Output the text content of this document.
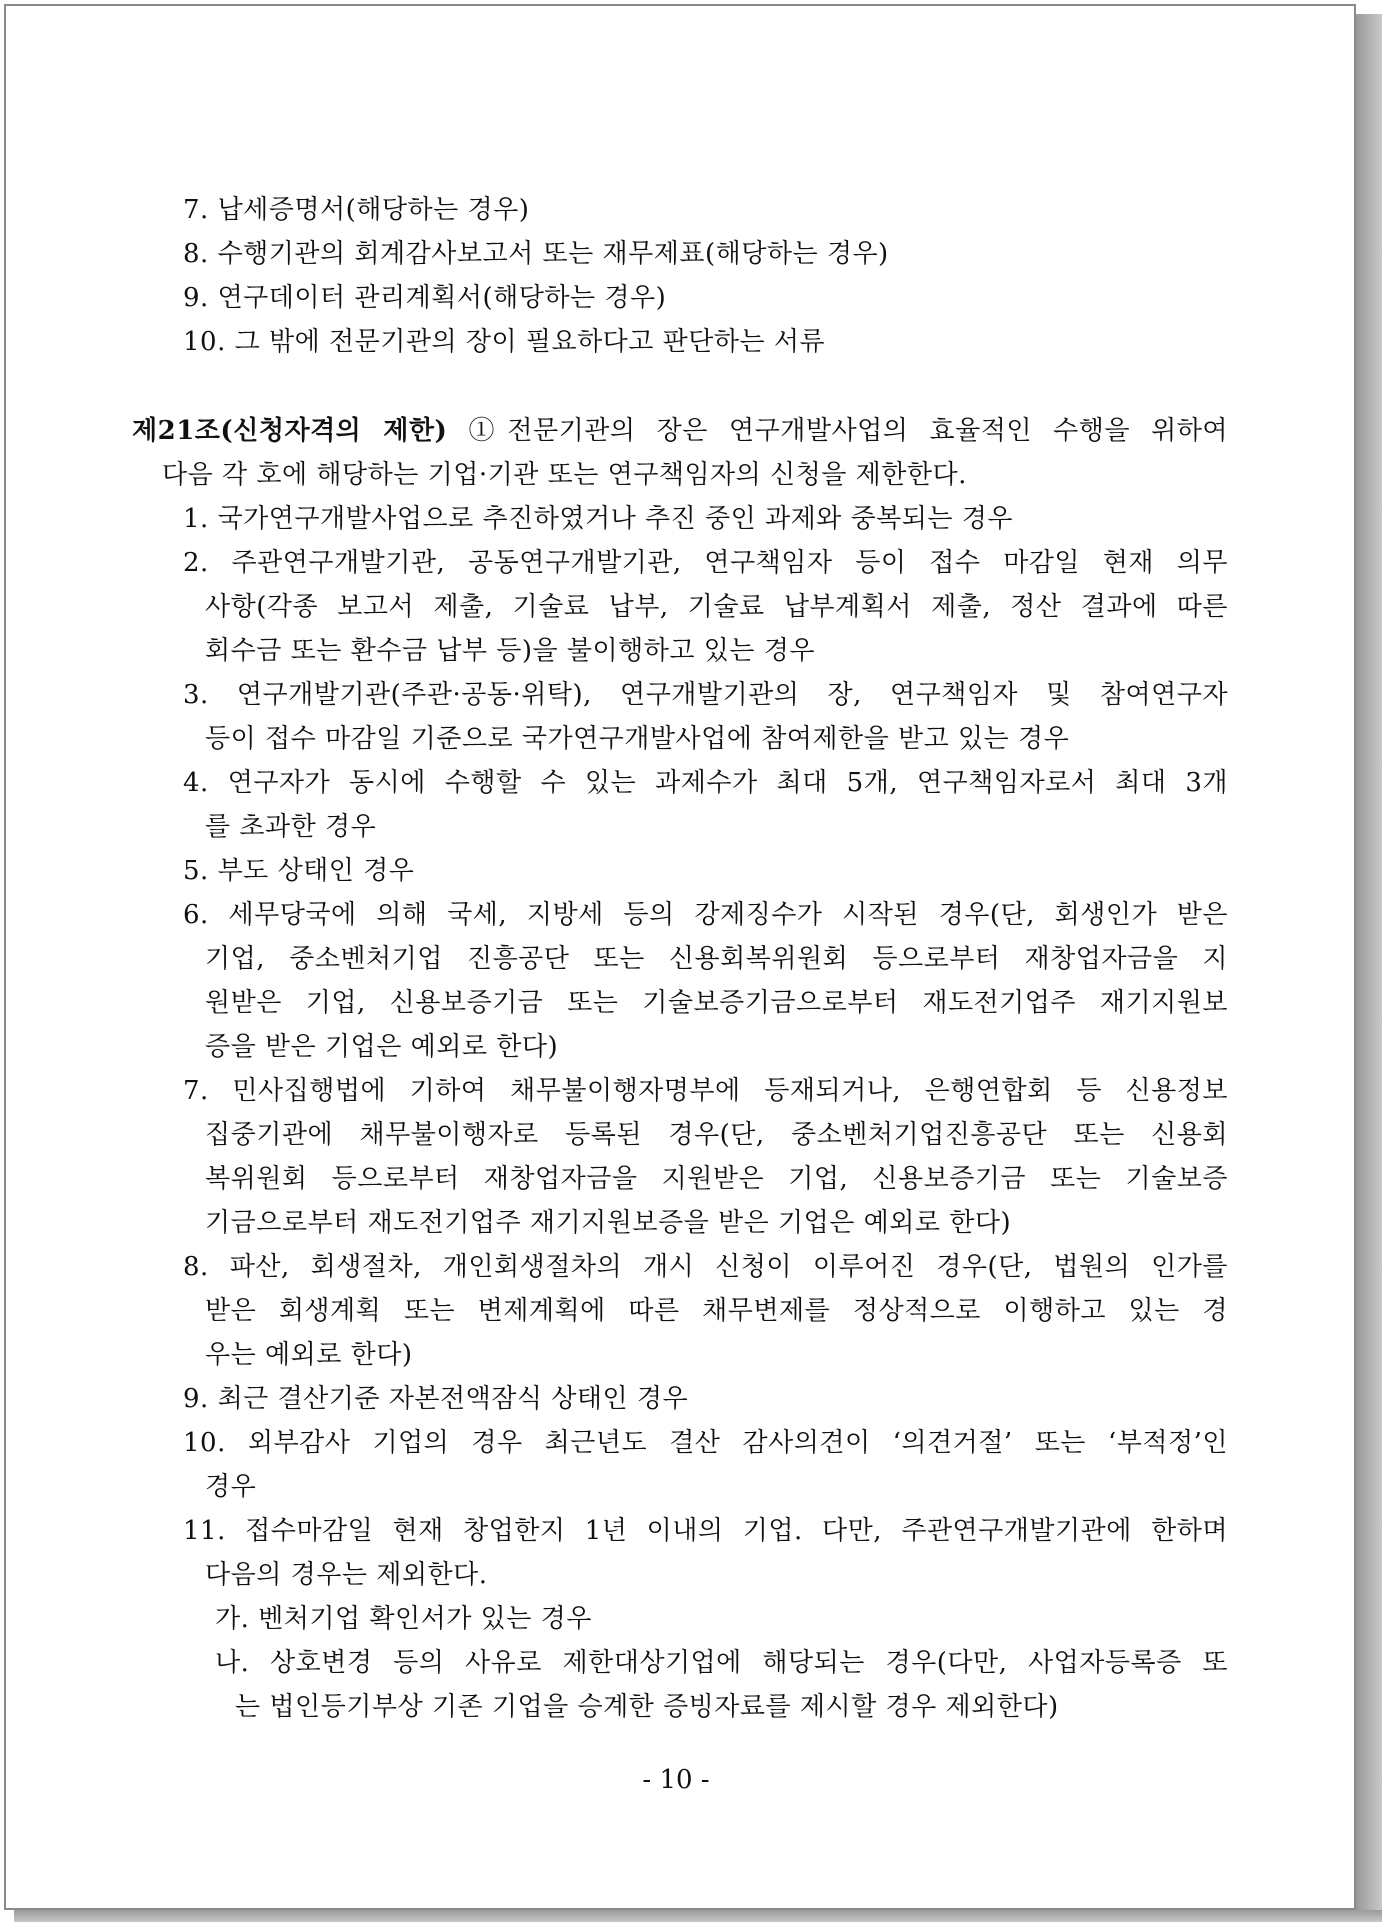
7. 납세증명서(해당하는 경우)
8. 수행기관의 회계감사보고서 또는 재무제표(해당하는 경우)
9. 연구데이터 관리계획서(해당하는 경우)
10. 그 밖에 전문기관의 장이 필요하다고 판단하는 서류
제21조(신청자격의 제한) ①전문기관의 장은 연구개발사업의 효율적인 수행을 위하여
다음 각 호에 해당하는 기업·기관 또는 연구책임자의 신청을 제한한다.
1. 국가연구개발사업으로 추진하였거나 추진 중인 과제와 중복되는 경우
2. 주관연구개발기관, 공동연구개발기관, 연구책임자 등이 접수 마감일 현재 의무
사항(각종 보고서 제출, 기술료 납부, 기술료 납부계획서 제출, 정산 결과에 따른
회수금 또는 환수금 납부 등)을 불이행하고 있는 경우
3. 연구개발기관(주관·공동·위탁), 연구개발기관의 장, 연구책임자 및 참여연구자
등이 접수 마감일 기준으로 국가연구개발사업에 참여제한을 받고 있는 경우
4. 연구자가 동시에 수행할 수 있는 과제수가 최대 5개, 연구책임자로서 최대 3개
를 초과한 경우
5. 부도 상태인 경우
6. 세무당국에 의해 국세, 지방세 등의 강제징수가 시작된 경우(단, 회생인가 받은
기업, 중소벤처기업 진흥공단 또는 신용회복위원회 등으로부터 재창업자금을 지
원받은 기업, 신용보증기금 또는 기술보증기금으로부터 재도전기업주 재기지원보
증을 받은 기업은 예외로 한다)
7. 민사집행법에 기하여 채무불이행자명부에 등재되거나, 은행연합회 등 신용정보
집중기관에 채무불이행자로 등록된 경우(단, 중소벤처기업진흥공단 또는 신용회
복위원회 등으로부터 재창업자금을 지원받은 기업, 신용보증기금 또는 기술보증
기금으로부터 재도전기업주 재기지원보증을 받은 기업은 예외로 한다)
8. 파산, 회생절차, 개인회생절차의 개시 신청이 이루어진 경우(단, 법원의 인가를
받은 회생계획 또는 변제계획에 따른 채무변제를 정상적으로 이행하고 있는 경
우는 예외로 한다)
9. 최근 결산기준 자본전액잠식 상태인 경우
10. 외부감사 기업의 경우 최근년도 결산 감사의견이 ‘의견거절’ 또는 ‘부적정’인
경우
11. 접수마감일 현재 창업한지 1년 이내의 기업. 다만, 주관연구개발기관에 한하며
다음의 경우는 제외한다.
가. 벤처기업 확인서가 있는 경우
나. 상호변경 등의 사유로 제한대상기업에 해당되는 경우(다만, 사업자등록증 또
는 법인등기부상 기존 기업을 승계한 증빙자료를 제시할 경우 제외한다)
- 10 -
